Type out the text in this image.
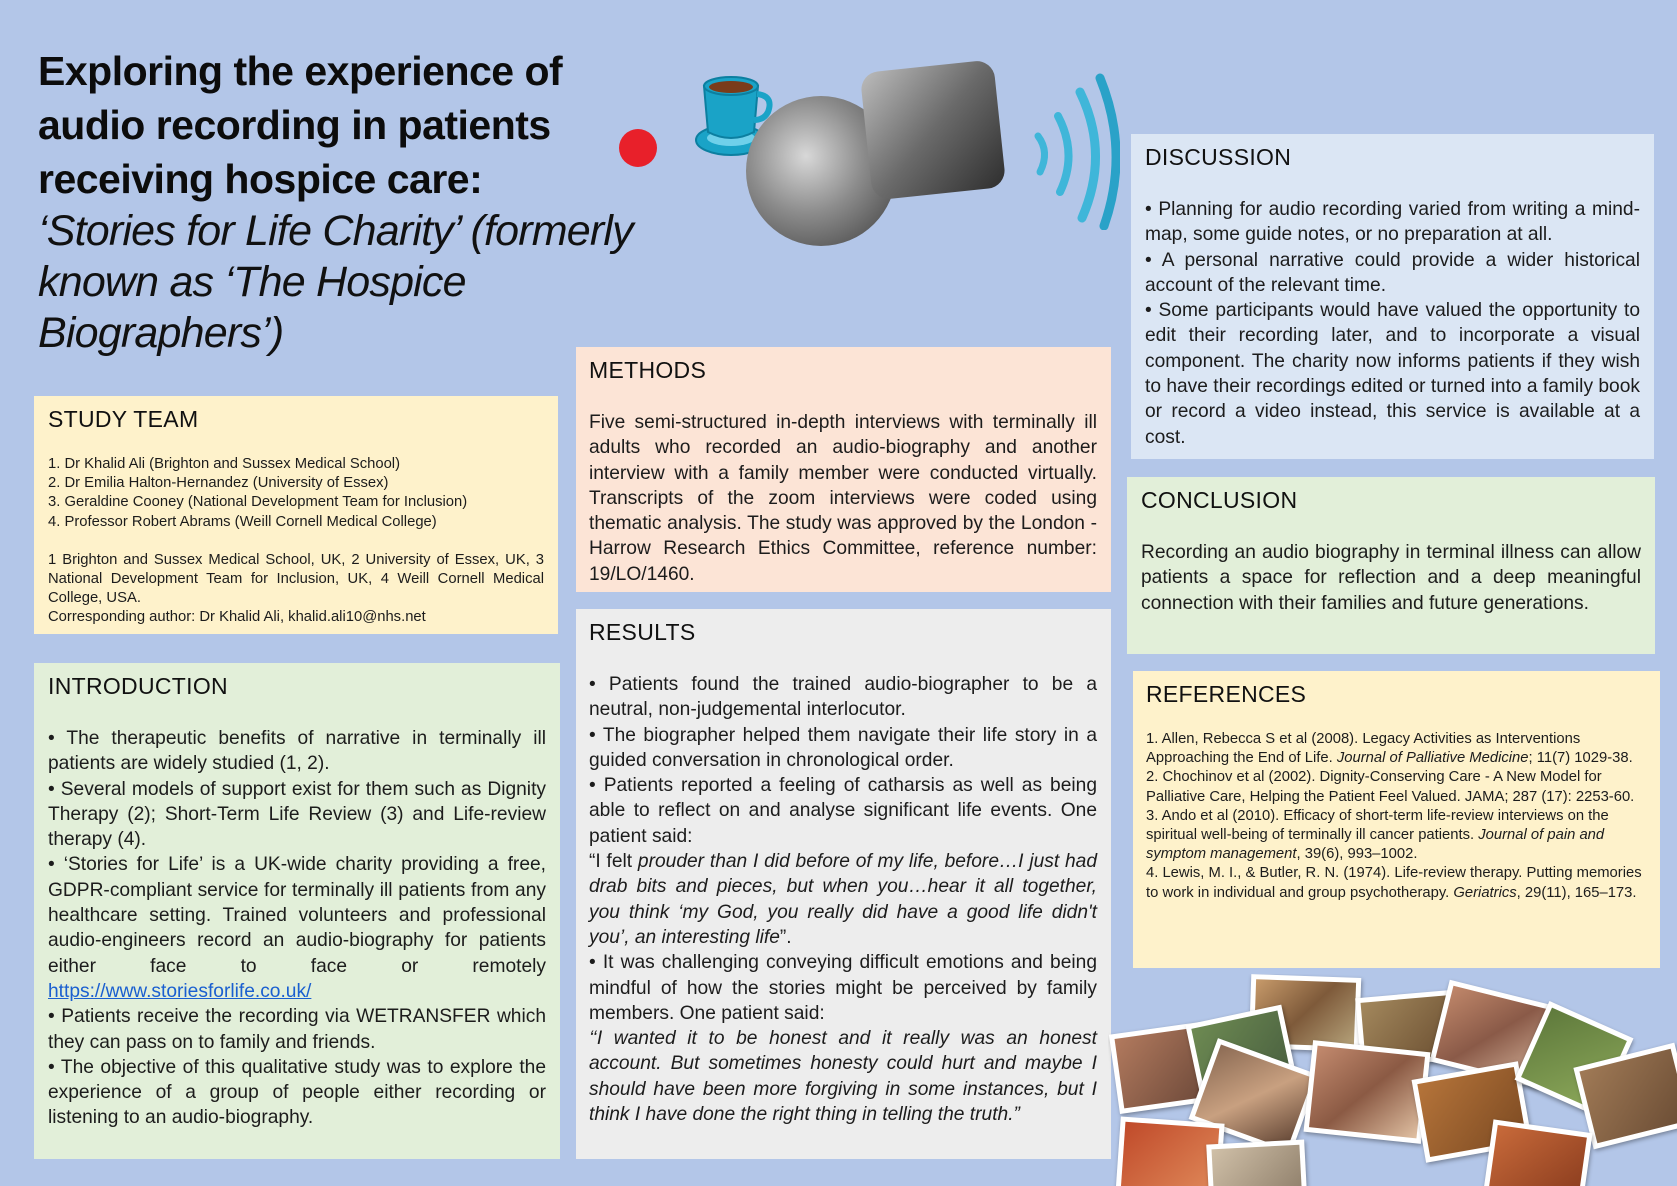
Exploring the experience of

audio recording in patients

receiving hospice care:

‘Stories for Life Charity’ (formerly

known as ‘The Hospice

Biographers’)

STUDY TEAM
1. Dr Khalid Ali (Brighton and Sussex Medical School)
2. Dr Emilia Halton-Hernandez (University of Essex)
3. Geraldine Cooney (National Development Team for Inclusion)
4. Professor Robert Abrams (Weill Cornell Medical College)

1 Brighton and Sussex Medical School, UK, 2 University of Essex, UK, 3 National Development Team for Inclusion, UK, 4 Weill Cornell Medical College, USA.

Corresponding author: Dr Khalid Ali, khalid.ali10@nhs.net

INTRODUCTION
• The therapeutic benefits of narrative in terminally ill patients are widely studied (1, 2).
• Several models of support exist for them such as Dignity Therapy (2); Short-Term Life Review (3) and Life-review therapy (4).
• ‘Stories for Life’ is a UK-wide charity providing a free, GDPR-compliant service for terminally ill patients from any healthcare setting. Trained volunteers and professional audio-engineers record an audio-biography for patients either face to face or remotely https://www.storiesforlife.co.uk/
• Patients receive the recording via WETRANSFER which they can pass on to family and friends.
• The objective of this qualitative study was to explore the experience of a group of people either recording or listening to an audio-biography.
METHODS

Five semi-structured in-depth interviews with terminally ill adults who recorded an audio-biography and another interview with a family member were conducted virtually. Transcripts of the zoom interviews were coded using thematic analysis. The study was approved by the London - Harrow Research Ethics Committee, reference number: 19/LO/1460.

RESULTS
• Patients found the trained audio-biographer to be a neutral, non-judgemental interlocutor.
• The biographer helped them navigate their life story in a guided conversation in chronological order.
• Patients reported a feeling of catharsis as well as being able to reflect on and analyse significant life events. One patient said:
“I felt prouder than I did before of my life, before…I just had drab bits and pieces, but when you…hear it all together, you think ‘my God, you really did have a good life didn't you’, an interesting life”.
• It was challenging conveying difficult emotions and being mindful of how the stories might be perceived by family members. One patient said:
‘‘I wanted it to be honest and it really was an honest account. But sometimes honesty could hurt and maybe I should have been more forgiving in some instances, but I think I have done the right thing in telling the truth.”
DISCUSSION
• Planning for audio recording varied from writing a mind-map, some guide notes, or no preparation at all.
• A personal narrative could provide a wider historical account of the relevant time.
• Some participants would have valued the opportunity to edit their recording later, and to incorporate a visual component. The charity now informs patients if they wish to have their recordings edited or turned into a family book or record a video instead, this service is available at a cost.
CONCLUSION

Recording an audio biography in terminal illness can allow patients a space for reflection and a deep meaningful connection with their families and future generations.

REFERENCES
1. Allen, Rebecca S et al (2008). Legacy Activities as Interventions Approaching the End of Life. Journal of Palliative Medicine; 11(7) 1029-38.
2. Chochinov et al (2002). Dignity-Conserving Care - A New Model for Palliative Care, Helping the Patient Feel Valued. JAMA; 287 (17): 2253-60.
3. Ando et al (2010). Efficacy of short-term life-review interviews on the spiritual well-being of terminally ill cancer patients. Journal of pain and symptom management, 39(6), 993–1002.
4. Lewis, M. I., & Butler, R. N. (1974). Life-review therapy. Putting memories to work in individual and group psychotherapy. Geriatrics, 29(11), 165–173.
